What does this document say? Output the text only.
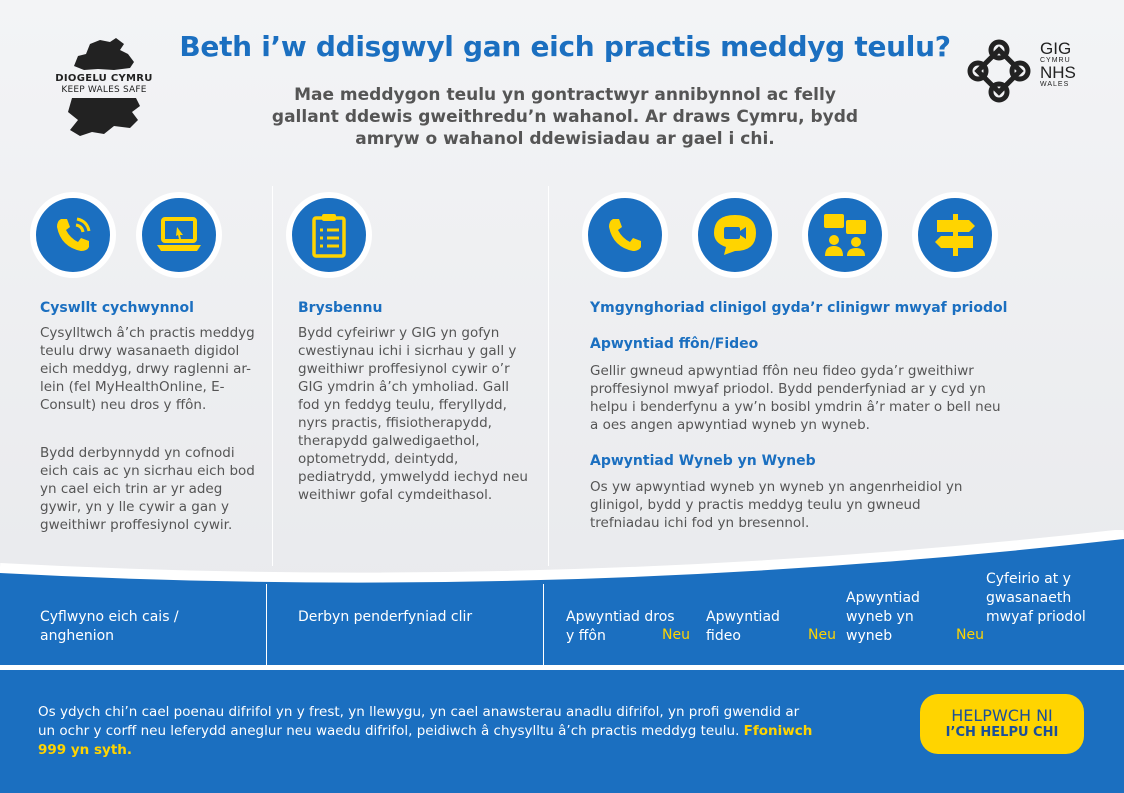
DIOGELU CYMRU
KEEP WALES SAFE
Beth i’w ddisgwyl gan eich practis meddyg teulu?
Mae meddygon teulu yn gontractwyr annibynnol ac felly gallant ddewis gweithredu’n wahanol. Ar draws Cymru, bydd amryw o wahanol ddewisiadau ar gael i chi.
GIG
CYMRU
NHS
WALES
Cyswllt cychwynnol
Cysylltwch â’ch practis meddyg teulu drwy wasanaeth digidol eich meddyg, drwy raglenni ar-lein (fel MyHealthOnline, E-Consult) neu dros y ffôn.
Bydd derbynnydd yn cofnodi eich cais ac yn sicrhau eich bod yn cael eich trin ar yr adeg gywir, yn y lle cywir a gan y gweithiwr proffesiynol cywir.
Brysbennu
Bydd cyfeiriwr y GIG yn gofyn cwestiynau ichi i sicrhau y gall y gweithiwr proffesiynol cywir o’r GIG ymdrin â’ch ymholiad. Gall fod yn feddyg teulu, fferyllydd, nyrs practis, ffisiotherapydd, therapydd galwedigaethol, optometrydd, deintydd, pediatrydd, ymwelydd iechyd neu weithiwr gofal cymdeithasol.
Ymgynghoriad clinigol gyda’r clinigwr mwyaf priodol
Apwyntiad ffôn/Fideo
Gellir gwneud apwyntiad ffôn neu fideo gyda’r gweithiwr proffesiynol mwyaf priodol. Bydd penderfyniad ar y cyd yn helpu i benderfynu a yw’n bosibl ymdrin â’r mater o bell neu a oes angen apwyntiad wyneb yn wyneb.
Apwyntiad Wyneb yn Wyneb
Os yw apwyntiad wyneb yn wyneb yn angenrheidiol yn glinigol, bydd y practis meddyg teulu yn gwneud trefniadau ichi fod yn bresennol.
Cyflwyno eich cais / anghenion
Derbyn penderfyniad clir	Apwyntiad dros y ffôn	Neu
Apwyntiad fideo	Neu
Apwyntiad wyneb yn wyneb	Neu
Cyfeirio at y gwasanaeth mwyaf priodol
Os ydych chi’n cael poenau difrifol yn y frest, yn llewygu, yn cael anawsterau anadlu difrifol, yn profi gwendid ar un ochr y corff neu leferydd aneglur neu waedu difrifol, peidiwch â chysylltu â’ch practis meddyg teulu. Ffoniwch 999 yn syth.
HELPWCH NI
I’CH HELPU CHI
